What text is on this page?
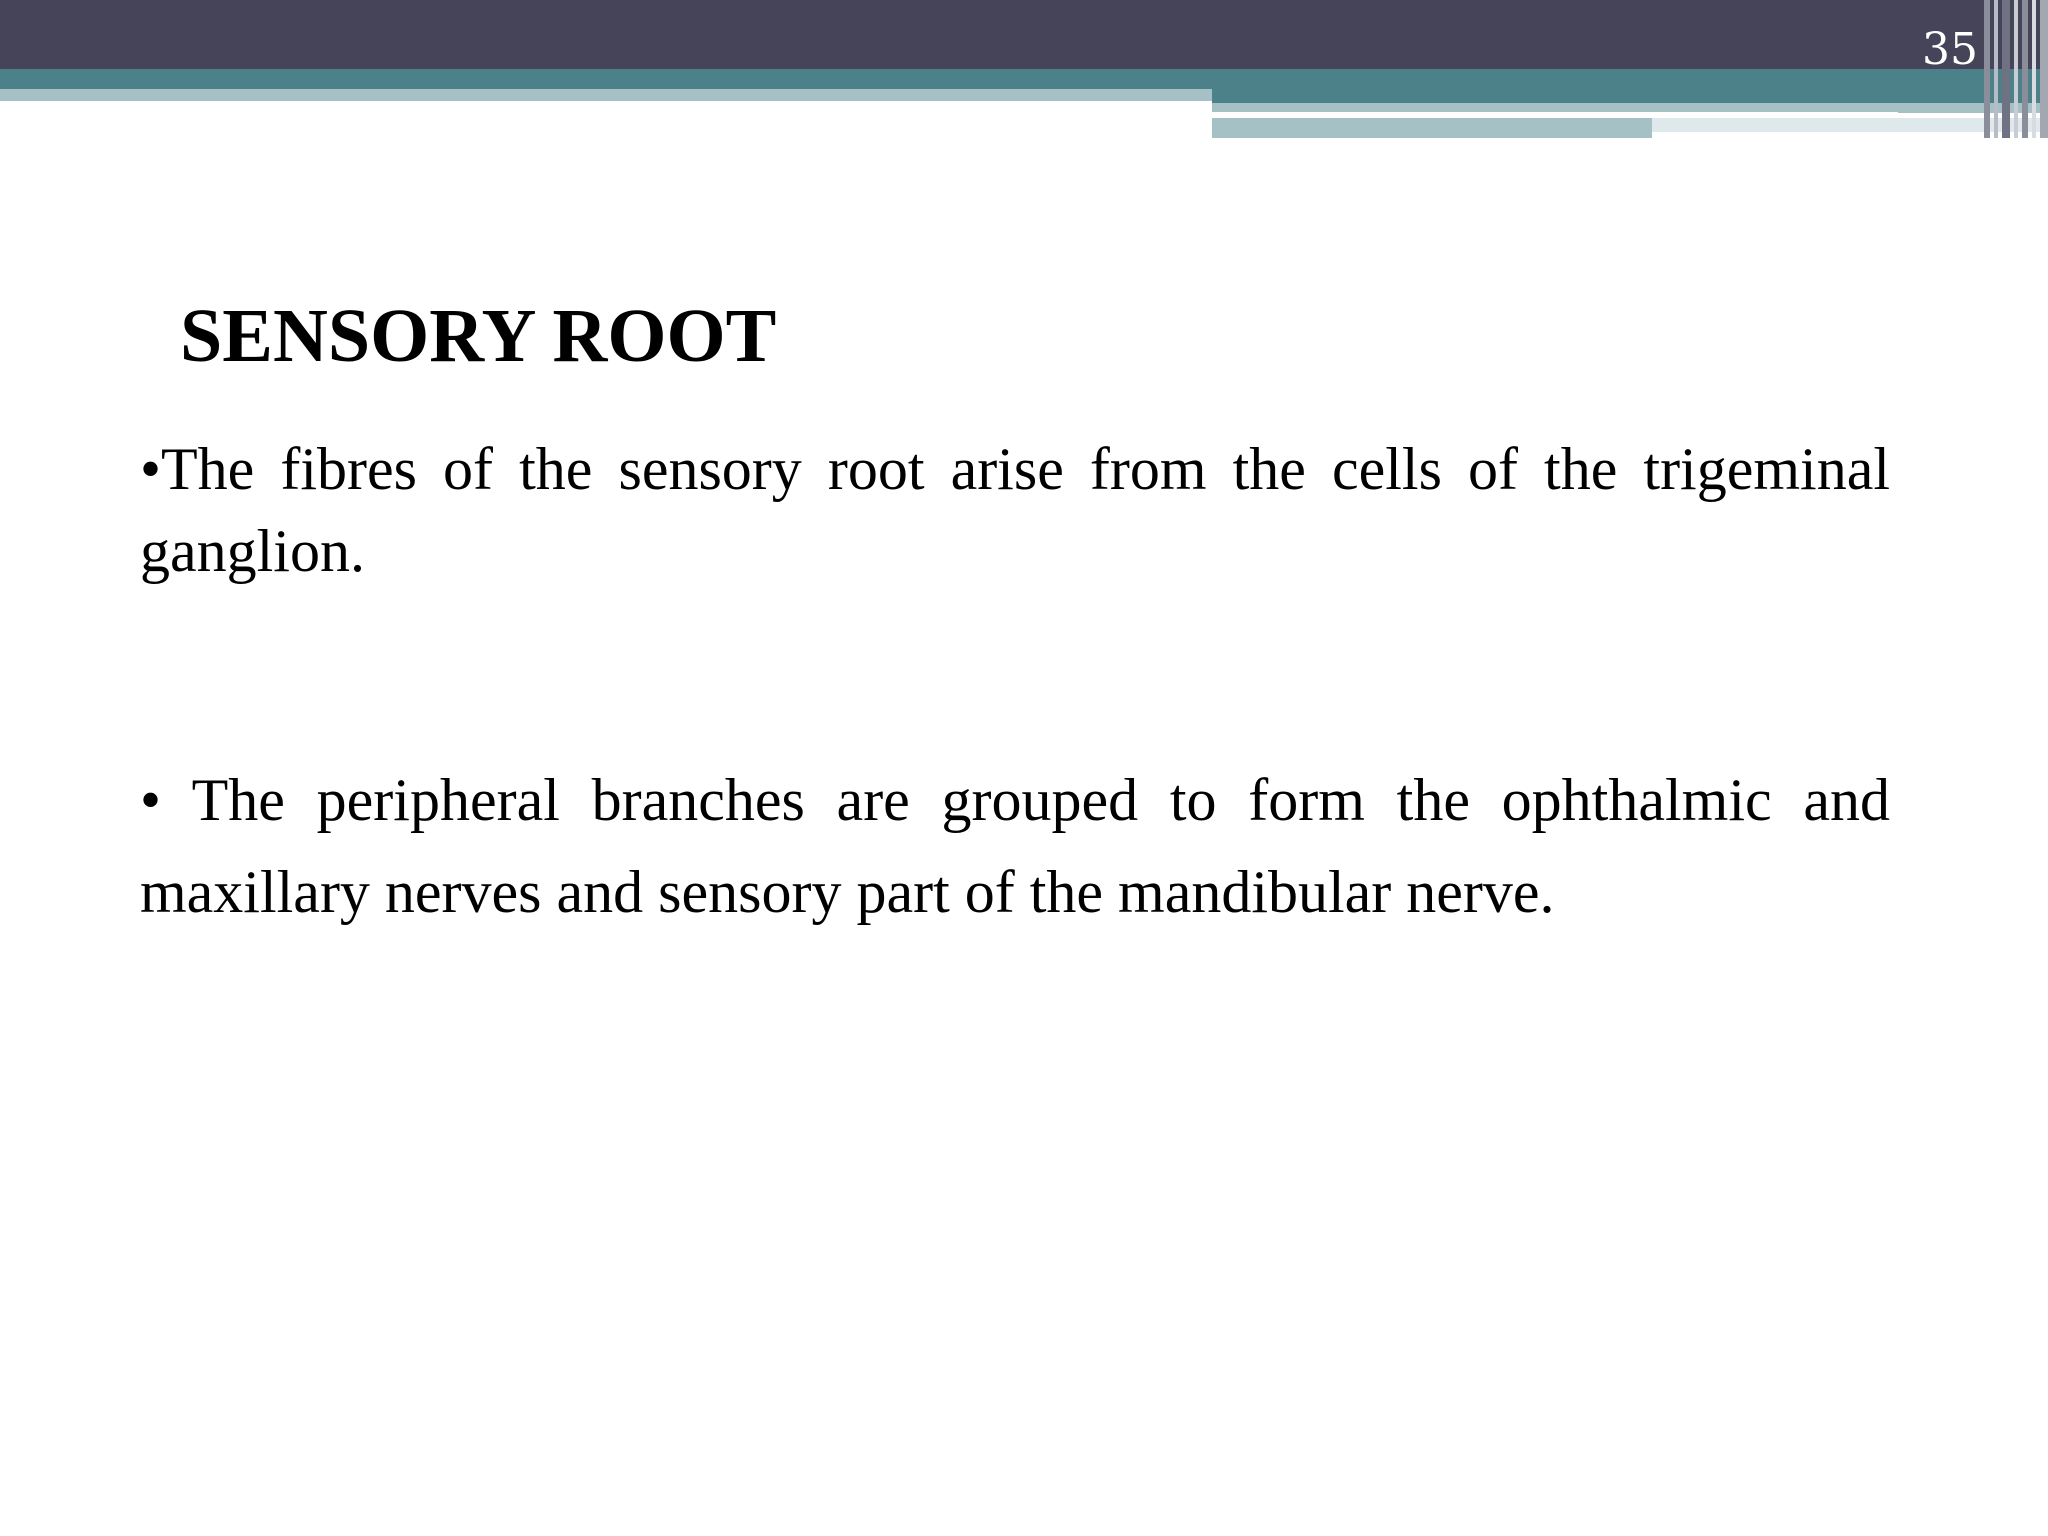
35
SENSORY ROOT

•The fibres of the sensory root arise from the cells of the trigeminal ganglion.

• The peripheral branches are grouped to form the ophthalmic and maxillary nerves and sensory part of the mandibular nerve.
